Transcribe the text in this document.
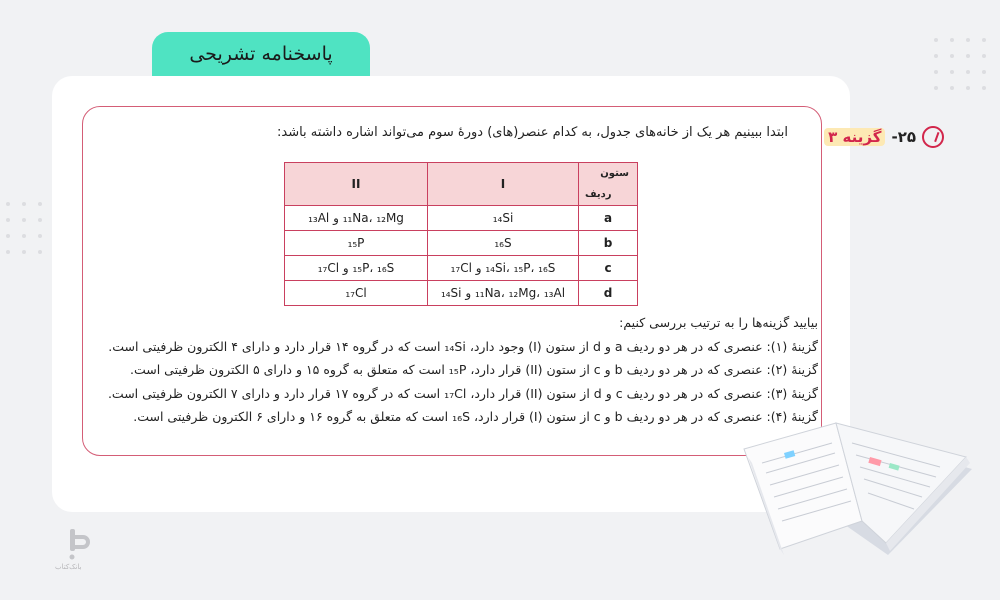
پاسخنامه تشریحی
۲۵-
گزینه ۳
ابتدا ببینیم هر یک از خانه‌های جدول، به کدام عنصر(های) دورهٔ سوم می‌تواند اشاره داشته باشد:
ستون
ردیف	I	II
a	₁₄Si	₁₁Na، ₁₂Mg و ₁₃Al
b	₁₆S	₁₅P
c	₁₄Si، ₁₅P، ₁₆S و ₁₇Cl	₁₅P، ₁₆S و ₁₇Cl
d	₁₁Na، ₁₂Mg، ₁₃Al و ₁₄Si	₁₇Cl
بیایید گزینه‌ها را به ترتیب بررسی کنیم:
گزینهٔ (۱): عنصری که در هر دو ردیف a و d از ستون (I) وجود دارد، ₁₄Si است که در گروه ۱۴ قرار دارد و دارای ۴ الکترون ظرفیتی است.
گزینهٔ (۲): عنصری که در هر دو ردیف b و c از ستون (II) قرار دارد، ₁₅P است که متعلق به گروه ۱۵ و دارای ۵ الکترون ظرفیتی است.
گزینهٔ (۳): عنصری که در هر دو ردیف c و d از ستون (II) قرار دارد، ₁₇Cl است که در گروه ۱۷ قرار دارد و دارای ۷ الکترون ظرفیتی است.
گزینهٔ (۴): عنصری که در هر دو ردیف b و c از ستون (I) قرار دارد، ₁₆S است که متعلق به گروه ۱۶ و دارای ۶ الکترون ظرفیتی است.
بانک‌کتاب
